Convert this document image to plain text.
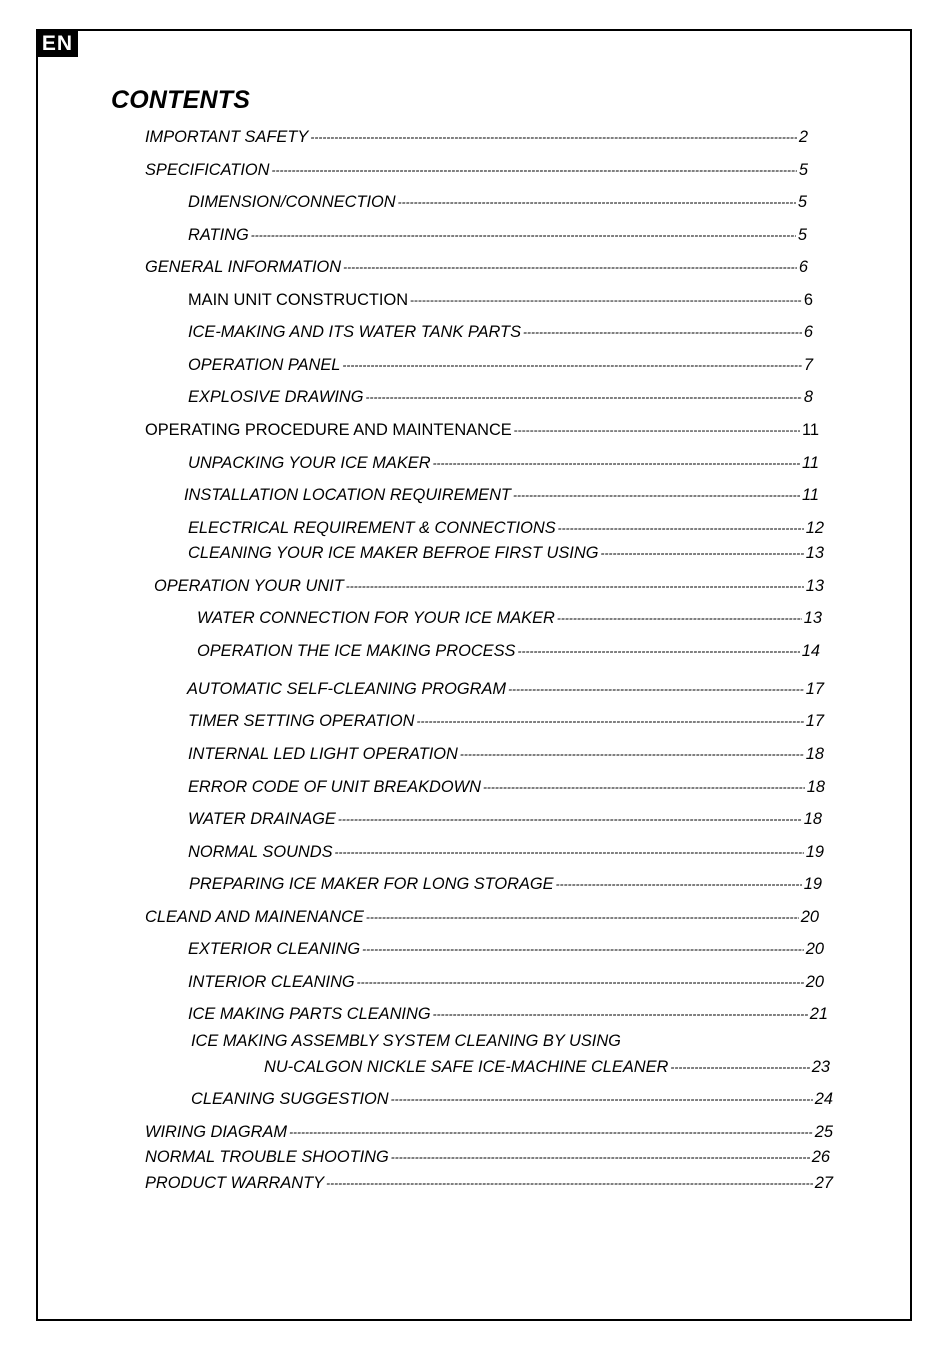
EN
CONTENTS
IMPORTANT SAFETY -----	2
SPECIFICATION -----	5
DIMENSION/CONNECTION -----	5
RATING -----	5
GENERAL INFORMATION -----	6
MAIN UNIT CONSTRUCTION -----	6
ICE-MAKING AND ITS WATER TANK PARTS -----	6
OPERATION PANEL -----	7
EXPLOSIVE DRAWING -----	8
OPERATING PROCEDURE AND MAINTENANCE -----	11
UNPACKING YOUR ICE MAKER -----	11
INSTALLATION LOCATION REQUIREMENT -----	11
ELECTRICAL REQUIREMENT & CONNECTIONS -----	12
CLEANING YOUR ICE MAKER BEFROE FIRST USING -----	13
OPERATION YOUR UNIT -----	13
WATER CONNECTION FOR YOUR ICE MAKER -----	13
OPERATION THE ICE MAKING PROCESS -----	14
AUTOMATIC SELF-CLEANING PROGRAM -----	17
TIMER SETTING OPERATION -----	17
INTERNAL LED LIGHT OPERATION -----	18
ERROR CODE OF UNIT BREAKDOWN -----	18
WATER DRAINAGE -----	18
NORMAL SOUNDS -----	19
PREPARING ICE MAKER FOR LONG STORAGE -----	19
CLEAND AND MAINENANCE -----	20
EXTERIOR CLEANING -----	20
INTERIOR CLEANING -----	20
ICE MAKING PARTS CLEANING -----	21
ICE MAKING ASSEMBLY SYSTEM CLEANING BY USING
NU-CALGON NICKLE SAFE ICE-MACHINE CLEANER -----	23
CLEANING SUGGESTION -----	24
WIRING DIAGRAM -----	25
NORMAL TROUBLE SHOOTING -----	26
PRODUCT WARRANTY -----	27
